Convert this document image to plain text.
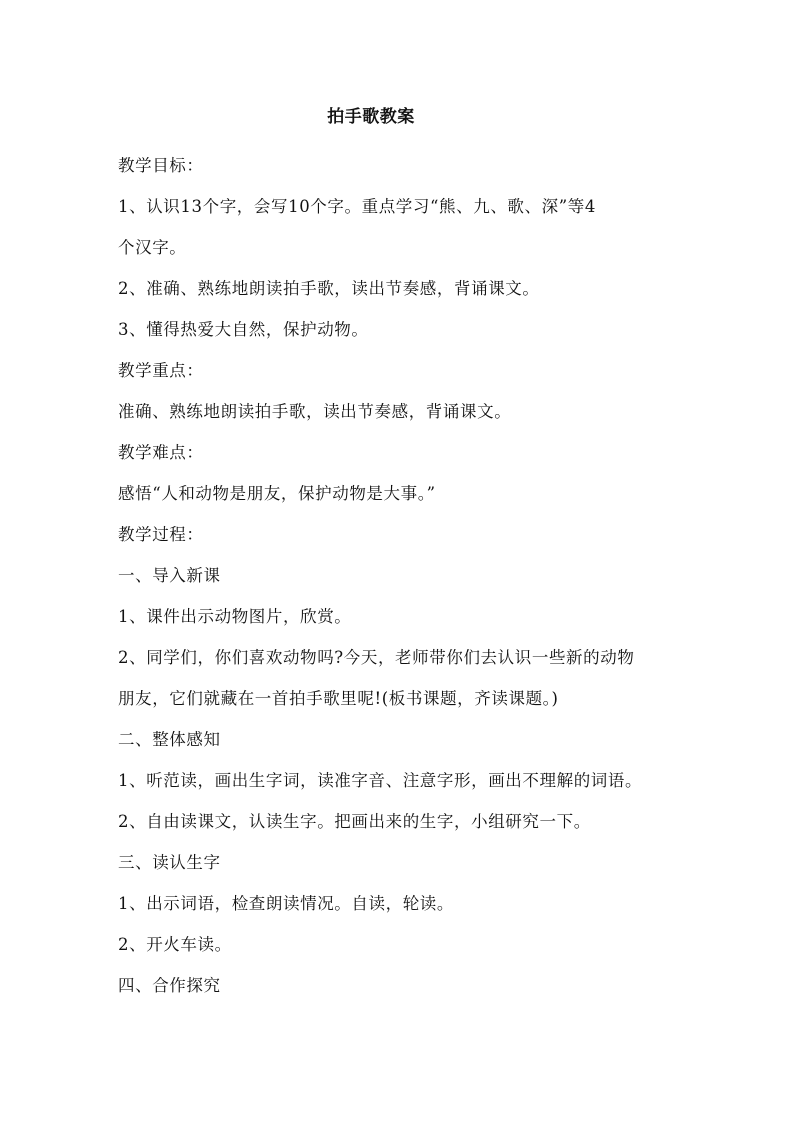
拍手歌教案
教学目标：
1、认识13个字，会写10个字。重点学习“熊、九、歌、深”等4
个汉字。
2、准确、熟练地朗读拍手歌，读出节奏感，背诵课文。
3、懂得热爱大自然，保护动物。
教学重点：
准确、熟练地朗读拍手歌，读出节奏感，背诵课文。
教学难点：
感悟“人和动物是朋友，保护动物是大事。”
教学过程：
一、导入新课
1、课件出示动物图片，欣赏。
2、同学们，你们喜欢动物吗?今天，老师带你们去认识一些新的动物
朋友，它们就藏在一首拍手歌里呢!(板书课题，齐读课题。)
二、整体感知
1、听范读，画出生字词，读准字音、注意字形，画出不理解的词语。
2、自由读课文，认读生字。把画出来的生字，小组研究一下。
三、读认生字
1、出示词语，检查朗读情况。自读，轮读。
2、开火车读。
四、合作探究
